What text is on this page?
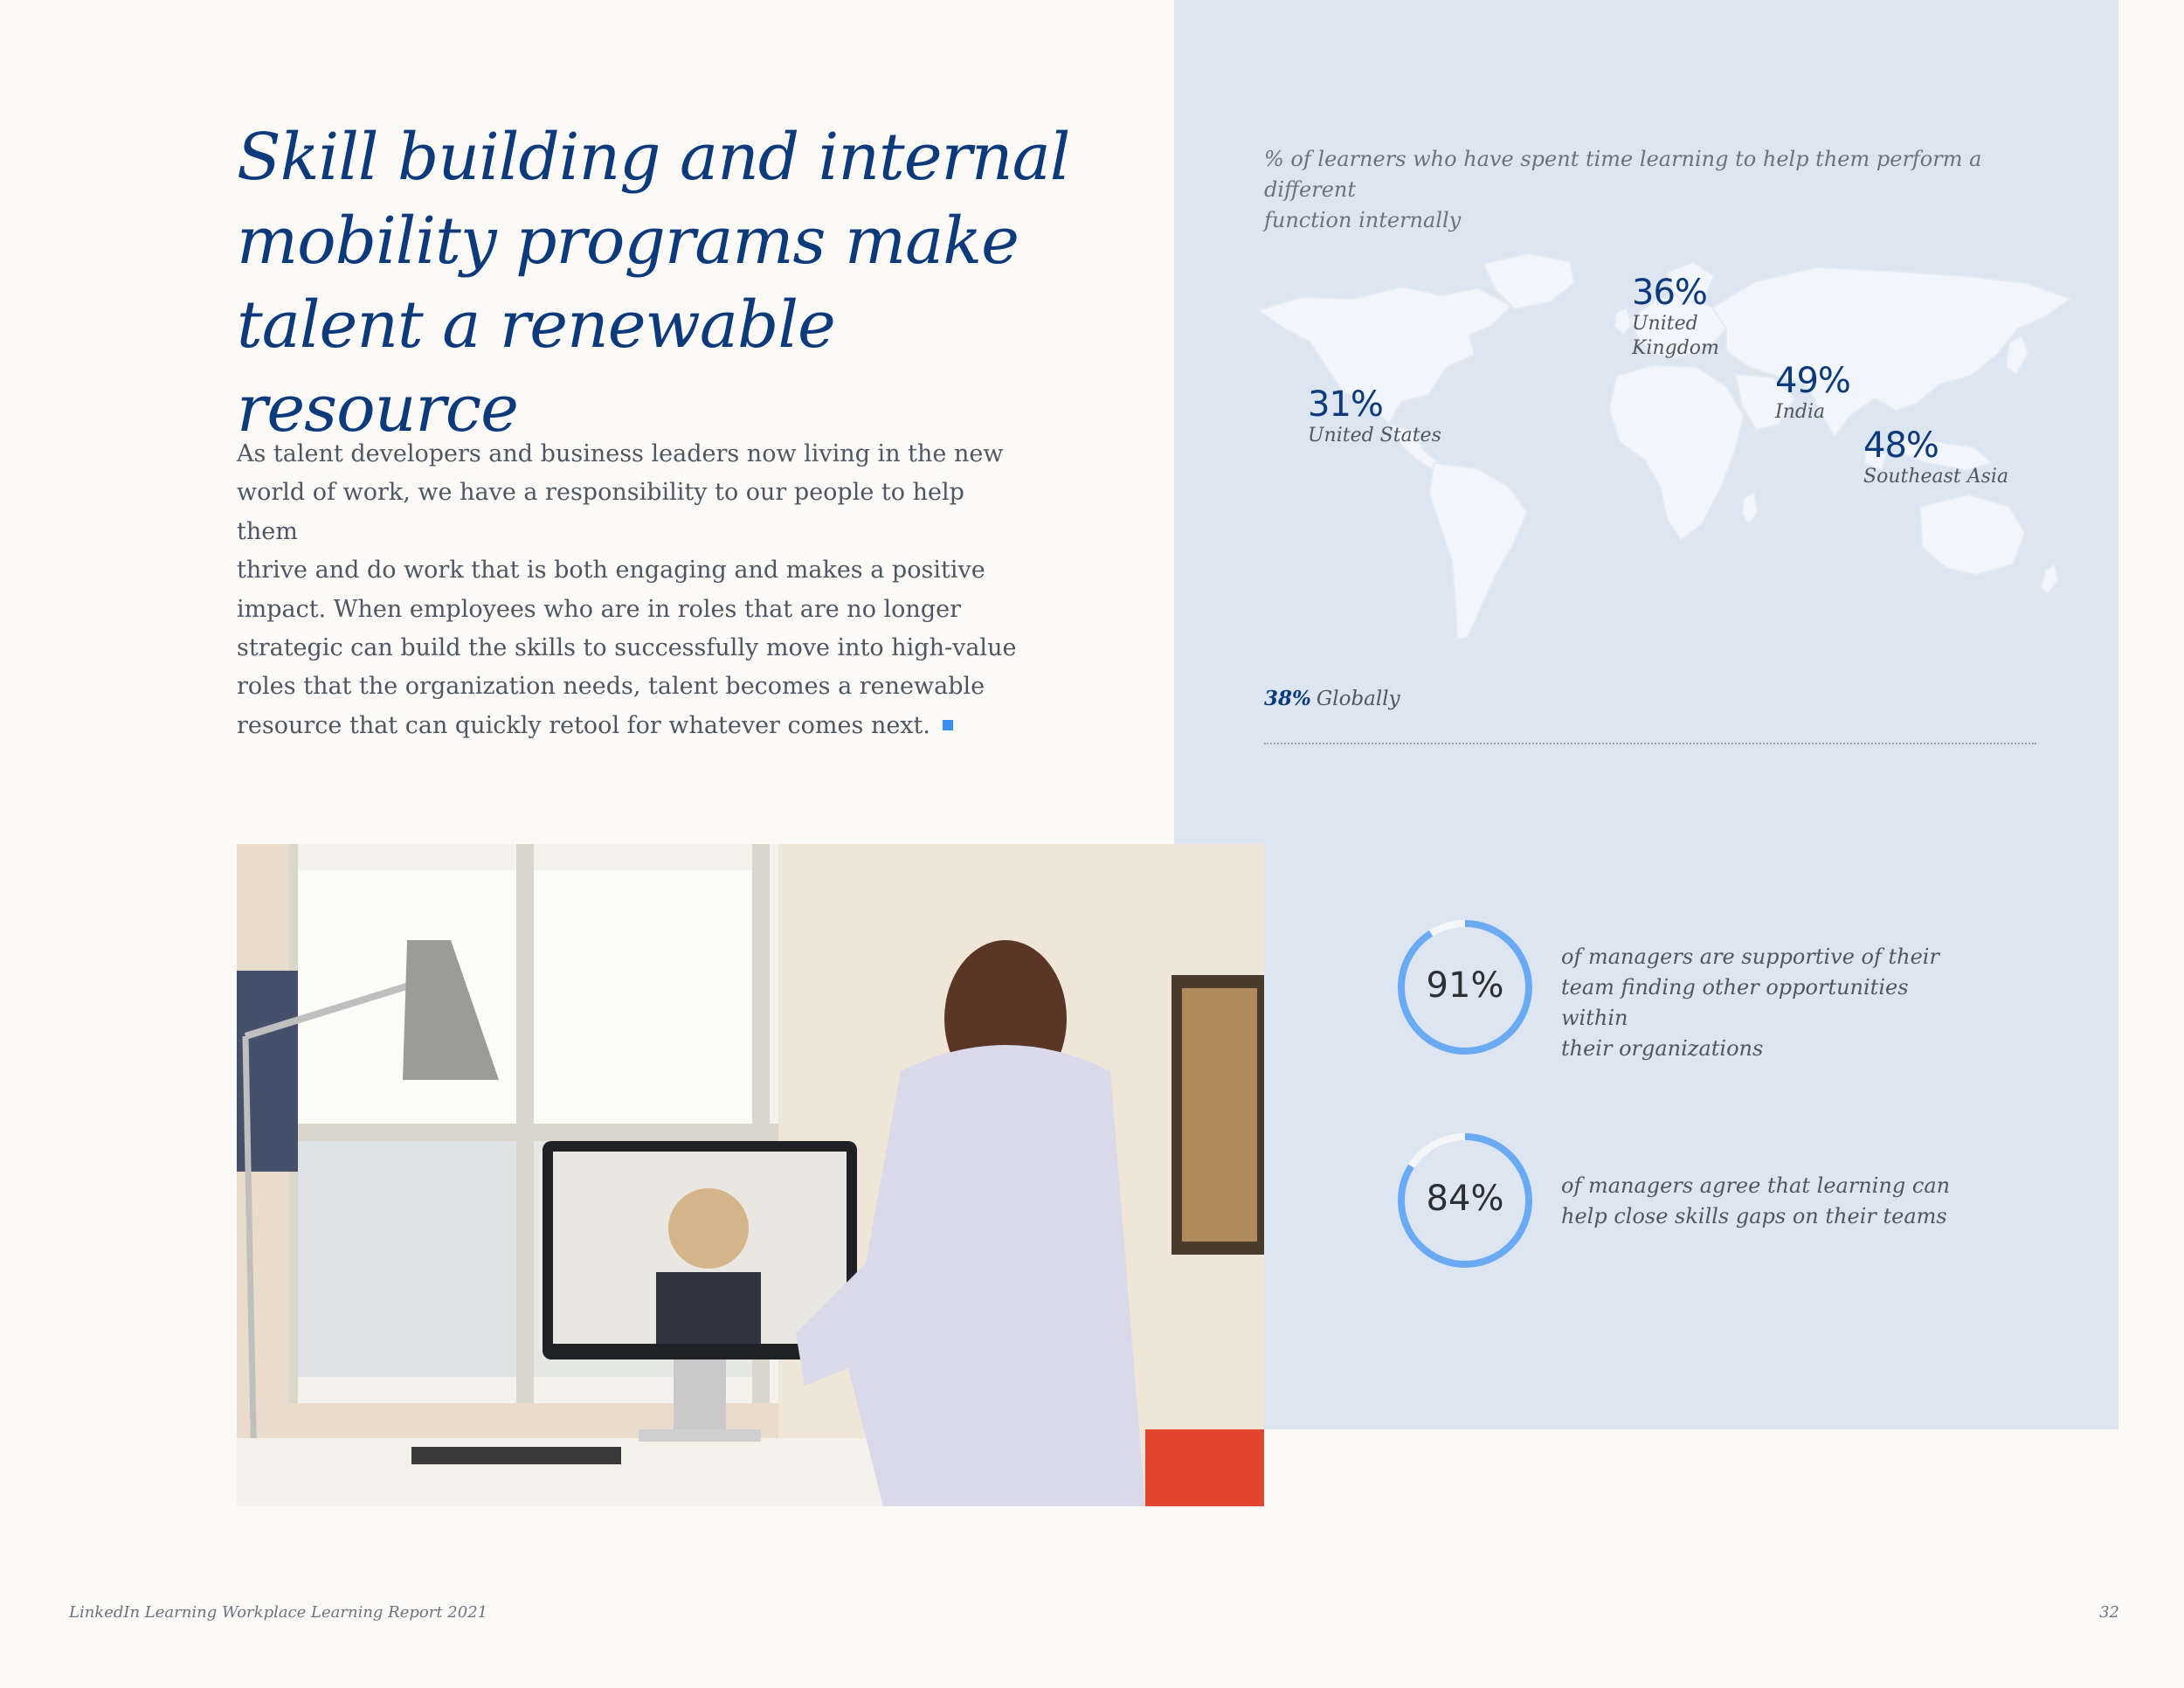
Skill building and internal
mobility programs make
talent a renewable resource

As talent developers and business leaders now living in the new
world of work, we have a responsibility to our people to help them
thrive and do work that is both engaging and makes a positive
impact. When employees who are in roles that are no longer
strategic can build the skills to successfully move into high-value
roles that the organization needs, talent becomes a renewable
resource that can quickly retool for whatever comes next.

% of learners who have spent time learning to help them perform a different
function internally

31%
United States
36%
United
Kingdom
49%
India
48%
Southeast Asia
38% Globally
91%

of managers are supportive of their
team finding other opportunities within
their organizations

84%	of managers agree that learning can
help close skills gaps on their teams

LinkedIn Learning Workplace Learning Report 2021	32
